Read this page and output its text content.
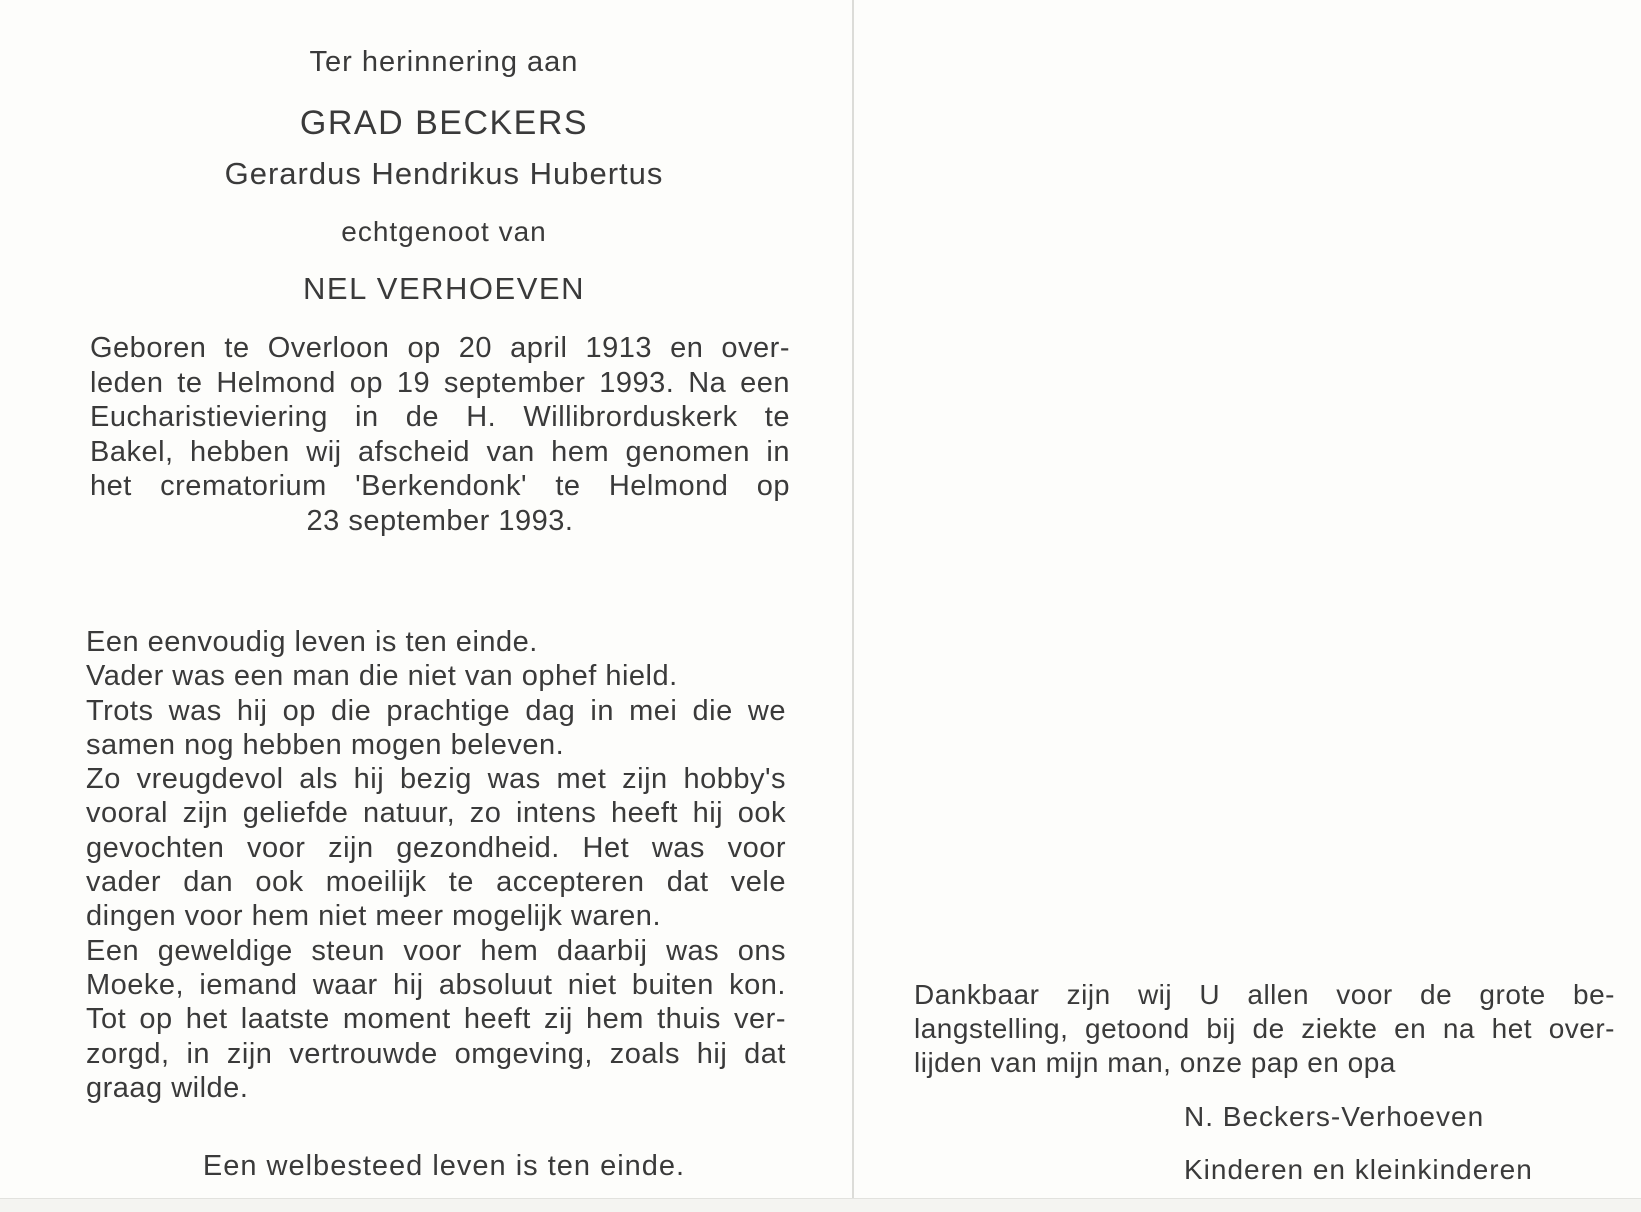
Ter herinnering aan
GRAD BECKERS
Gerardus Hendrikus Hubertus
echtgenoot van
NEL VERHOEVEN
Geboren te Overloon op 20 april 1913 en over-
leden te Helmond op 19 september 1993. Na een
Eucharistieviering in de H. Willibrorduskerk te
Bakel, hebben wij afscheid van hem genomen in
het crematorium 'Berkendonk' te Helmond op
23 september 1993.
Een eenvoudig leven is ten einde.
Vader was een man die niet van ophef hield.
Trots was hij op die prachtige dag in mei die we
samen nog hebben mogen beleven.
Zo vreugdevol als hij bezig was met zijn hobby's
vooral zijn geliefde natuur, zo intens heeft hij ook
gevochten voor zijn gezondheid. Het was voor
vader dan ook moeilijk te accepteren dat vele
dingen voor hem niet meer mogelijk waren.
Een geweldige steun voor hem daarbij was ons
Moeke, iemand waar hij absoluut niet buiten kon.
Tot op het laatste moment heeft zij hem thuis ver-
zorgd, in zijn vertrouwde omgeving, zoals hij dat
graag wilde.
Een welbesteed leven is ten einde.
Dankbaar zijn wij U allen voor de grote be-
langstelling, getoond bij de ziekte en na het over-
lijden van mijn man, onze pap en opa
N. Beckers-Verhoeven
Kinderen en kleinkinderen
